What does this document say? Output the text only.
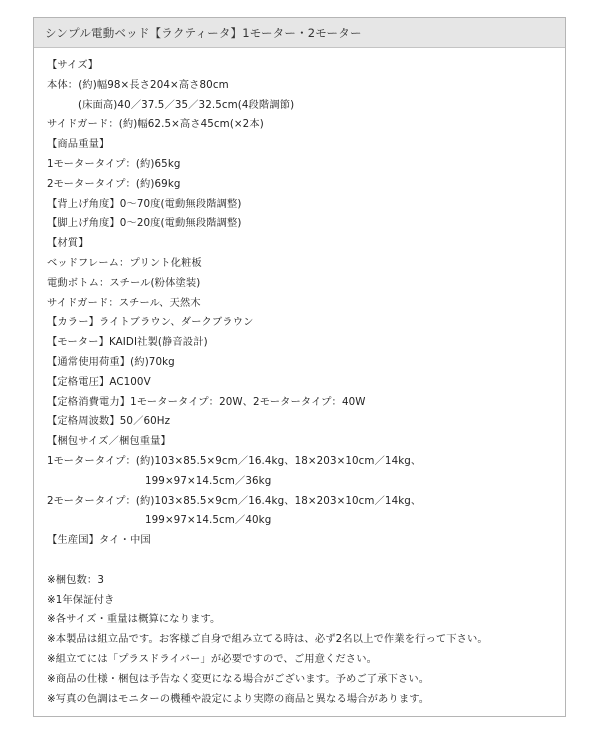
シンプル電動ベッド【ラクティータ】1モーター・2モーター
【サイズ】
本体：(約)幅98×長さ204×高さ80cm
(床面高)40／37.5／35／32.5cm(4段階調節)
サイドガード：(約)幅62.5×高さ45cm(×2本)
【商品重量】
1モータータイプ：(約)65kg
2モータータイプ：(約)69kg
【背上げ角度】0〜70度(電動無段階調整)
【脚上げ角度】0〜20度(電動無段階調整)
【材質】
ベッドフレーム：プリント化粧板
電動ボトム：スチール(粉体塗装)
サイドガード：スチール、天然木
【カラー】ライトブラウン、ダークブラウン
【モーター】KAIDI社製(静音設計)
【通常使用荷重】(約)70kg
【定格電圧】AC100V
【定格消費電力】1モータータイプ：20W、2モータータイプ：40W
【定格周波数】50／60Hz
【梱包サイズ／梱包重量】
1モータータイプ：(約)103×85.5×9cm／16.4kg、18×203×10cm／14kg、
199×97×14.5cm／36kg
2モータータイプ：(約)103×85.5×9cm／16.4kg、18×203×10cm／14kg、
199×97×14.5cm／40kg
【生産国】タイ・中国
※梱包数：3
※1年保証付き
※各サイズ・重量は概算になります。
※本製品は組立品です。お客様ご自身で組み立てる時は、必ず2名以上で作業を行って下さい。
※組立てには「プラスドライバー」が必要ですので、ご用意ください。
※商品の仕様・梱包は予告なく変更になる場合がございます。予めご了承下さい。
※写真の色調はモニターの機種や設定により実際の商品と異なる場合があります。
